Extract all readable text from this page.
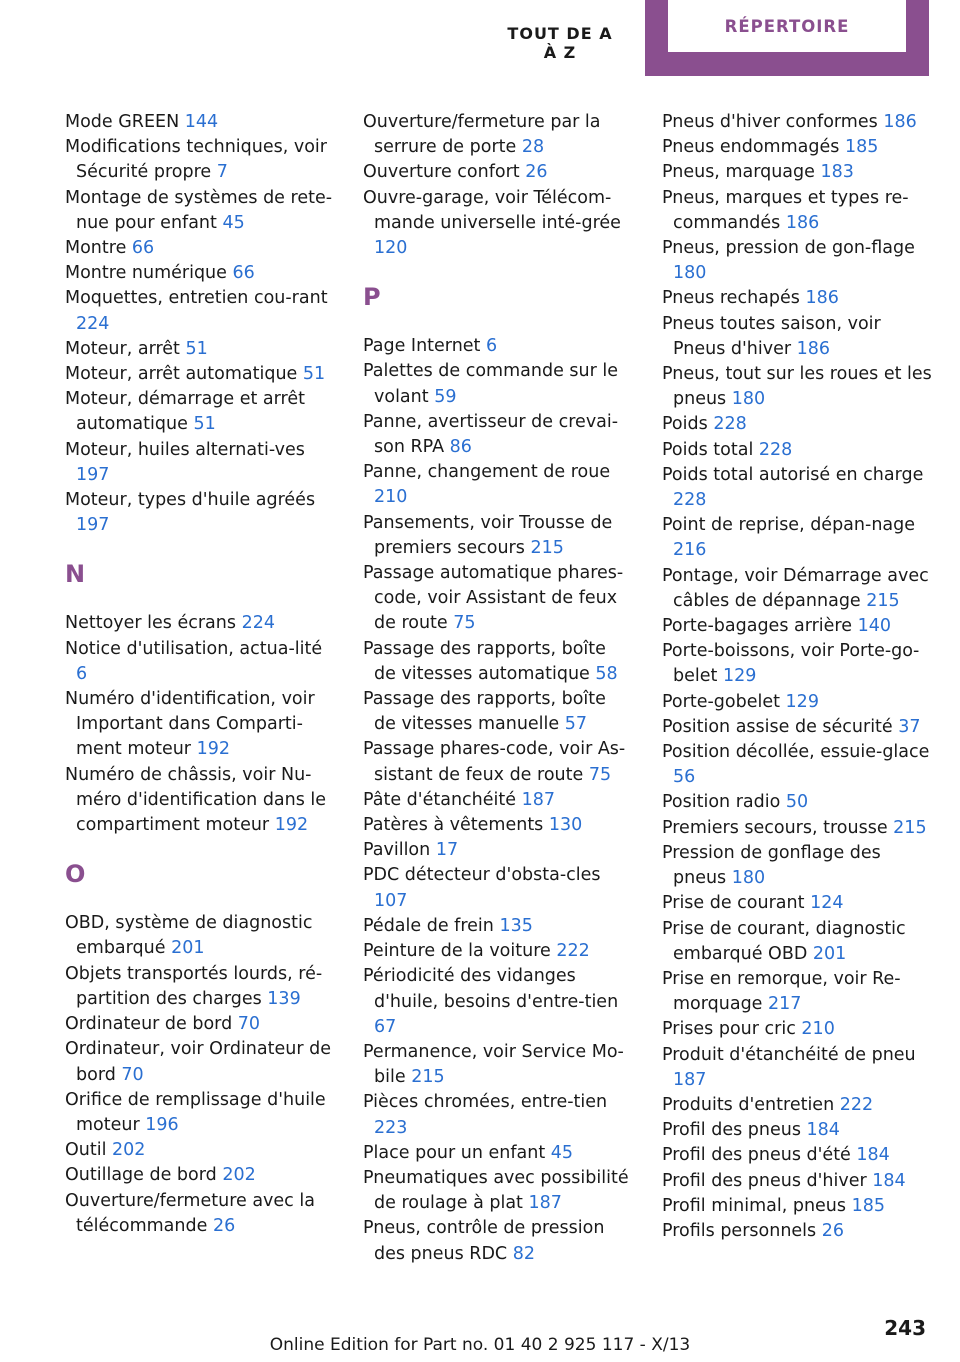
TOUT DE A À Z
RÉPERTOIRE
Mode GREEN 144
Modifications techniques, voir Sécurité propre 7
Montage de systèmes de rete‐nue pour enfant 45
Montre 66
Montre numérique 66
Moquettes, entretien cou‐rant 224
Moteur, arrêt 51
Moteur, arrêt automatique 51
Moteur, démarrage et arrêt automatique 51
Moteur, huiles alternati‐ves 197
Moteur, types d'huile agréés 197
N
Nettoyer les écrans 224
Notice d'utilisation, actua‐lité 6
Numéro d'identification, voir Important dans Comparti‐ment moteur 192
Numéro de châssis, voir Nu‐méro d'identification dans le compartiment moteur 192
O
OBD, système de diagnostic embarqué 201
Objets transportés lourds, ré‐partition des charges 139
Ordinateur de bord 70
Ordinateur, voir Ordinateur de bord 70
Orifice de remplissage d'huile moteur 196
Outil 202
Outillage de bord 202
Ouverture/fermeture avec la télécommande 26
Ouverture/fermeture par la serrure de porte 28
Ouverture confort 26
Ouvre-garage, voir Télécom‐mande universelle inté‐grée 120
P
Page Internet 6
Palettes de commande sur le volant 59
Panne, avertisseur de crevai‐son RPA 86
Panne, changement de roue 210
Pansements, voir Trousse de premiers secours 215
Passage automatique phares-code, voir Assistant de feux de route 75
Passage des rapports, boîte de vitesses automatique 58
Passage des rapports, boîte de vitesses manuelle 57
Passage phares-code, voir As‐sistant de feux de route 75
Pâte d'étanchéité 187
Patères à vêtements 130
Pavillon 17
PDC détecteur d'obsta‐cles 107
Pédale de frein 135
Peinture de la voiture 222
Périodicité des vidanges d'huile, besoins d'entre‐tien 67
Permanence, voir Service Mo‐bile 215
Pièces chromées, entre‐tien 223
Place pour un enfant 45
Pneumatiques avec possibilité de roulage à plat 187
Pneus, contrôle de pression des pneus RDC 82
Pneus d'hiver conformes 186
Pneus endommagés 185
Pneus, marquage 183
Pneus, marques et types re‐commandés 186
Pneus, pression de gon‐flage 180
Pneus rechapés 186
Pneus toutes saison, voir Pneus d'hiver 186
Pneus, tout sur les roues et les pneus 180
Poids 228
Poids total 228
Poids total autorisé en charge 228
Point de reprise, dépan‐nage 216
Pontage, voir Démarrage avec câbles de dépannage 215
Porte-bagages arrière 140
Porte-boissons, voir Porte-go‐belet 129
Porte-gobelet 129
Position assise de sécurité 37
Position décollée, essuie-glace 56
Position radio 50
Premiers secours, trousse 215
Pression de gonflage des pneus 180
Prise de courant 124
Prise de courant, diagnostic embarqué OBD 201
Prise en remorque, voir Re‐morquage 217
Prises pour cric 210
Produit d'étanchéité de pneu 187
Produits d'entretien 222
Profil des pneus 184
Profil des pneus d'été 184
Profil des pneus d'hiver 184
Profil minimal, pneus 185
Profils personnels 26
243
Online Edition for Part no. 01 40 2 925 117 - X/13
